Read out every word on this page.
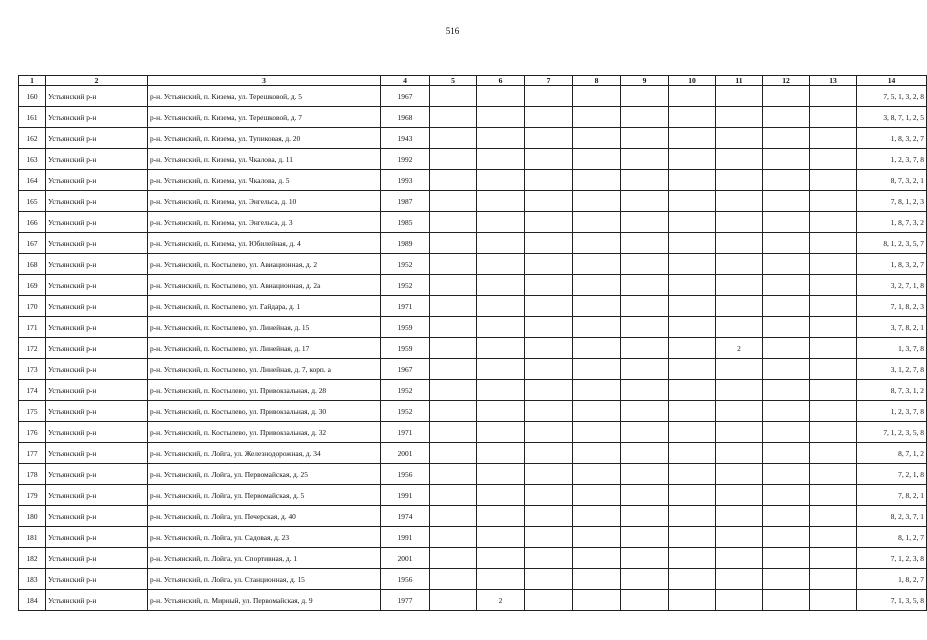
516
1	2	3	4	5	6	7	8	9	10	11	12	13	14
160	Устьянский р-н	р-н. Устьянский, п. Кизема, ул. Терешковой, д. 5	1967										7, 5, 1, 3, 2, 8
161	Устьянский р-н	р-н. Устьянский, п. Кизема, ул. Терешковой, д. 7	1968										3, 8, 7, 1, 2, 5
162	Устьянский р-н	р-н. Устьянский, п. Кизема, ул. Тупиковая, д. 20	1943										1, 8, 3, 2, 7
163	Устьянский р-н	р-н. Устьянский, п. Кизема, ул. Чкалова, д. 11	1992										1, 2, 3, 7, 8
164	Устьянский р-н	р-н. Устьянский, п. Кизема, ул. Чкалова, д. 5	1993										8, 7, 3, 2, 1
165	Устьянский р-н	р-н. Устьянский, п. Кизема, ул. Энгельса, д. 10	1987										7, 8, 1, 2, 3
166	Устьянский р-н	р-н. Устьянский, п. Кизема, ул. Энгельса, д. 3	1985										1, 8, 7, 3, 2
167	Устьянский р-н	р-н. Устьянский, п. Кизема, ул. Юбилейная, д. 4	1989										8, 1, 2, 3, 5, 7
168	Устьянский р-н	р-н. Устьянский, п. Костылево, ул. Авиационная, д. 2	1952										1, 8, 3, 2, 7
169	Устьянский р-н	р-н. Устьянский, п. Костылево, ул. Авиационная, д. 2а	1952										3, 2, 7, 1, 8
170	Устьянский р-н	р-н. Устьянский, п. Костылево, ул. Гайдара, д. 1	1971										7, 1, 8, 2, 3
171	Устьянский р-н	р-н. Устьянский, п. Костылево, ул. Линейная, д. 15	1959										3, 7, 8, 2, 1
172	Устьянский р-н	р-н. Устьянский, п. Костылево, ул. Линейная, д. 17	1959							2			1, 3, 7, 8
173	Устьянский р-н	р-н. Устьянский, п. Костылево, ул. Линейная, д. 7, корп. а	1967										3, 1, 2, 7, 8
174	Устьянский р-н	р-н. Устьянский, п. Костылево, ул. Привокзальная, д. 28	1952										8, 7, 3, 1, 2
175	Устьянский р-н	р-н. Устьянский, п. Костылево, ул. Привокзальная, д. 30	1952										1, 2, 3, 7, 8
176	Устьянский р-н	р-н. Устьянский, п. Костылево, ул. Привокзальная, д. 32	1971										7, 1, 2, 3, 5, 8
177	Устьянский р-н	р-н. Устьянский, п. Лойга, ул. Железнодорожная, д. 34	2001										8, 7, 1, 2
178	Устьянский р-н	р-н. Устьянский, п. Лойга, ул. Первомайская, д. 25	1956										7, 2, 1, 8
179	Устьянский р-н	р-н. Устьянский, п. Лойга, ул. Первомайская, д. 5	1991										7, 8, 2, 1
180	Устьянский р-н	р-н. Устьянский, п. Лойга, ул. Печерская, д. 40	1974										8, 2, 3, 7, 1
181	Устьянский р-н	р-н. Устьянский, п. Лойга, ул. Садовая, д. 23	1991										8, 1, 2, 7
182	Устьянский р-н	р-н. Устьянский, п. Лойга, ул. Спортивная, д. 1	2001										7, 1, 2, 3, 8
183	Устьянский р-н	р-н. Устьянский, п. Лойга, ул. Станционная, д. 15	1956										1, 8, 2, 7
184	Устьянский р-н	р-н. Устьянский, п. Мирный, ул. Первомайская, д. 9	1977		2								7, 1, 3, 5, 8
